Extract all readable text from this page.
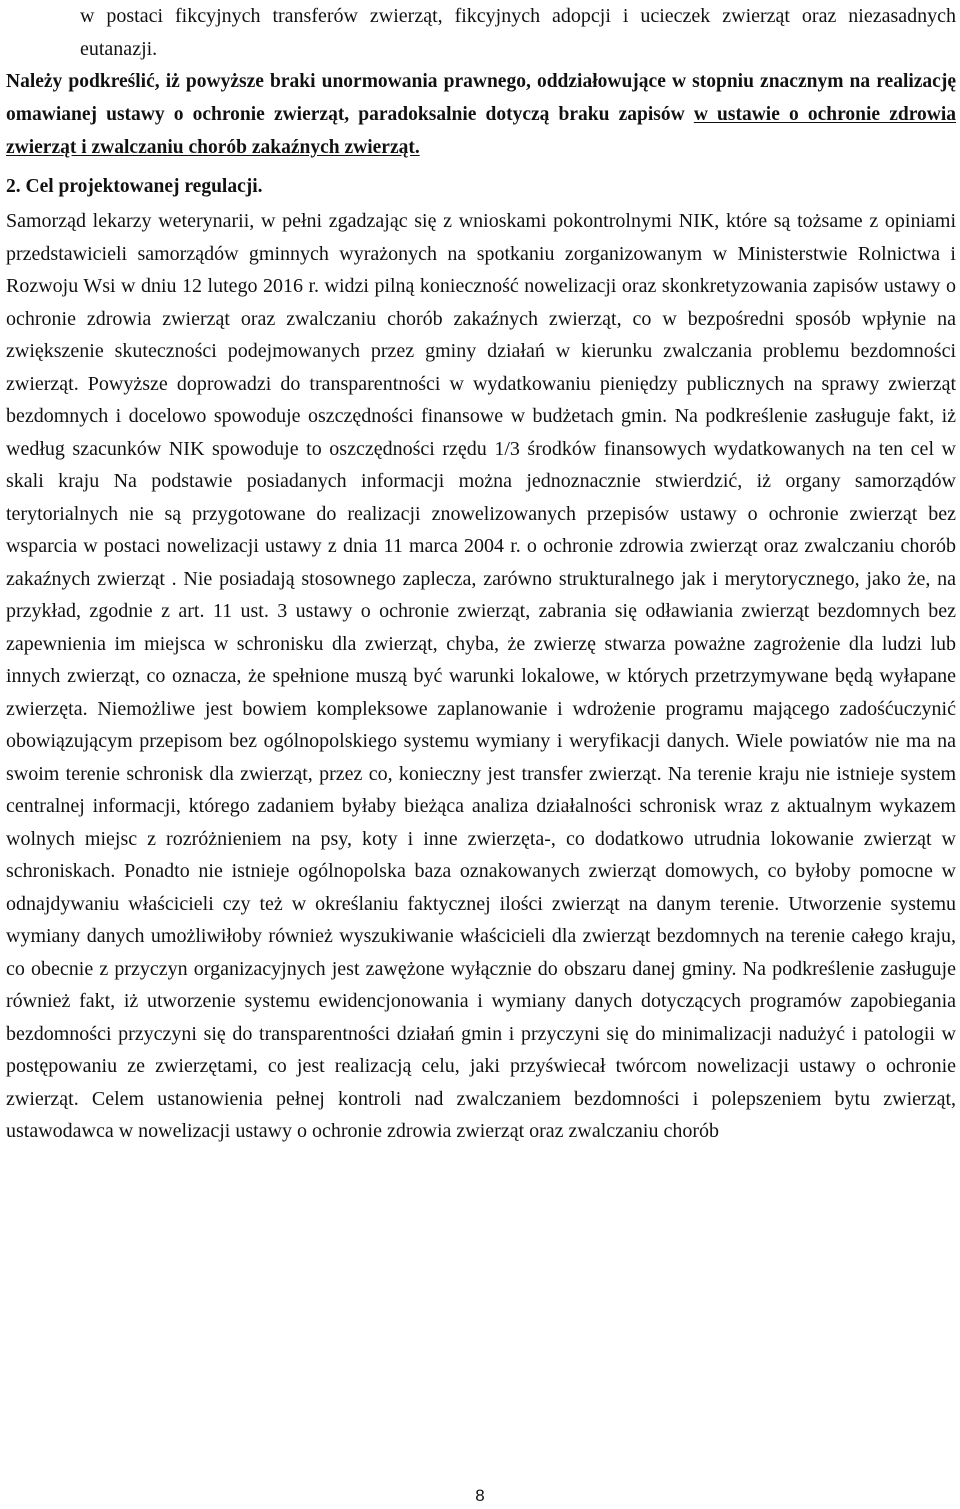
w postaci fikcyjnych transferów zwierząt, fikcyjnych adopcji i ucieczek zwierząt oraz niezasadnych eutanazji.

Należy podkreślić, iż powyższe braki unormowania prawnego, oddziałowujące w stopniu znacznym na realizację omawianej ustawy o ochronie zwierząt, paradoksalnie dotyczą braku zapisów w ustawie o ochronie zdrowia zwierząt i zwalczaniu chorób zakaźnych zwierząt.

2. Cel projektowanej regulacji.

Samorząd lekarzy weterynarii, w pełni zgadzając się z wnioskami pokontrolnymi NIK, które są tożsame z opiniami przedstawicieli samorządów gminnych wyrażonych na spotkaniu zorganizowanym w Ministerstwie Rolnictwa i Rozwoju Wsi w dniu 12 lutego 2016 r. widzi pilną konieczność nowelizacji oraz skonkretyzowania zapisów ustawy o ochronie zdrowia zwierząt oraz zwalczaniu chorób zakaźnych zwierząt, co w bezpośredni sposób wpłynie na zwiększenie skuteczności podejmowanych przez gminy działań w kierunku zwalczania problemu bezdomności zwierząt. Powyższe doprowadzi do transparentności w wydatkowaniu pieniędzy publicznych na sprawy zwierząt bezdomnych i docelowo spowoduje oszczędności finansowe w budżetach gmin. Na podkreślenie zasługuje fakt, iż według szacunków NIK spowoduje to oszczędności rzędu 1/3 środków finansowych wydatkowanych na ten cel w skali kraju Na podstawie posiadanych informacji można jednoznacznie stwierdzić, iż organy samorządów terytorialnych nie są przygotowane do realizacji znowelizowanych przepisów ustawy o ochronie zwierząt bez wsparcia w postaci nowelizacji ustawy z dnia 11 marca 2004 r. o ochronie zdrowia zwierząt oraz zwalczaniu chorób zakaźnych zwierząt . Nie posiadają stosownego zaplecza, zarówno strukturalnego jak i merytorycznego, jako że, na przykład, zgodnie z art. 11 ust. 3 ustawy o ochronie zwierząt, zabrania się odławiania zwierząt bezdomnych bez zapewnienia im miejsca w schronisku dla zwierząt, chyba, że zwierzę stwarza poważne zagrożenie dla ludzi lub innych zwierząt, co oznacza, że spełnione muszą być warunki lokalowe, w których przetrzymywane będą wyłapane zwierzęta. Niemożliwe jest bowiem kompleksowe zaplanowanie i wdrożenie programu mającego zadośćuczynić obowiązującym przepisom bez ogólnopolskiego systemu wymiany i weryfikacji danych. Wiele powiatów nie ma na swoim terenie schronisk dla zwierząt, przez co, konieczny jest transfer zwierząt. Na terenie kraju nie istnieje system centralnej informacji, którego zadaniem byłaby bieżąca analiza działalności schronisk wraz z aktualnym wykazem wolnych miejsc z rozróżnieniem na psy, koty i inne zwierzęta-, co dodatkowo utrudnia lokowanie zwierząt w schroniskach. Ponadto nie istnieje ogólnopolska baza oznakowanych zwierząt domowych, co byłoby pomocne w odnajdywaniu właścicieli czy też w określaniu faktycznej ilości zwierząt na danym terenie. Utworzenie systemu wymiany danych umożliwiłoby również wyszukiwanie właścicieli dla zwierząt bezdomnych na terenie całego kraju, co obecnie z przyczyn organizacyjnych jest zawężone wyłącznie do obszaru danej gminy. Na podkreślenie zasługuje również fakt, iż utworzenie systemu ewidencjonowania i wymiany danych dotyczących programów zapobiegania bezdomności przyczyni się do transparentności działań gmin i przyczyni się do minimalizacji nadużyć i patologii w postępowaniu ze zwierzętami, co jest realizacją celu, jaki przyświecał twórcom nowelizacji ustawy o ochronie zwierząt. Celem ustanowienia pełnej kontroli nad zwalczaniem bezdomności i polepszeniem bytu zwierząt, ustawodawca w nowelizacji ustawy o ochronie zdrowia zwierząt oraz zwalczaniu chorób

8
